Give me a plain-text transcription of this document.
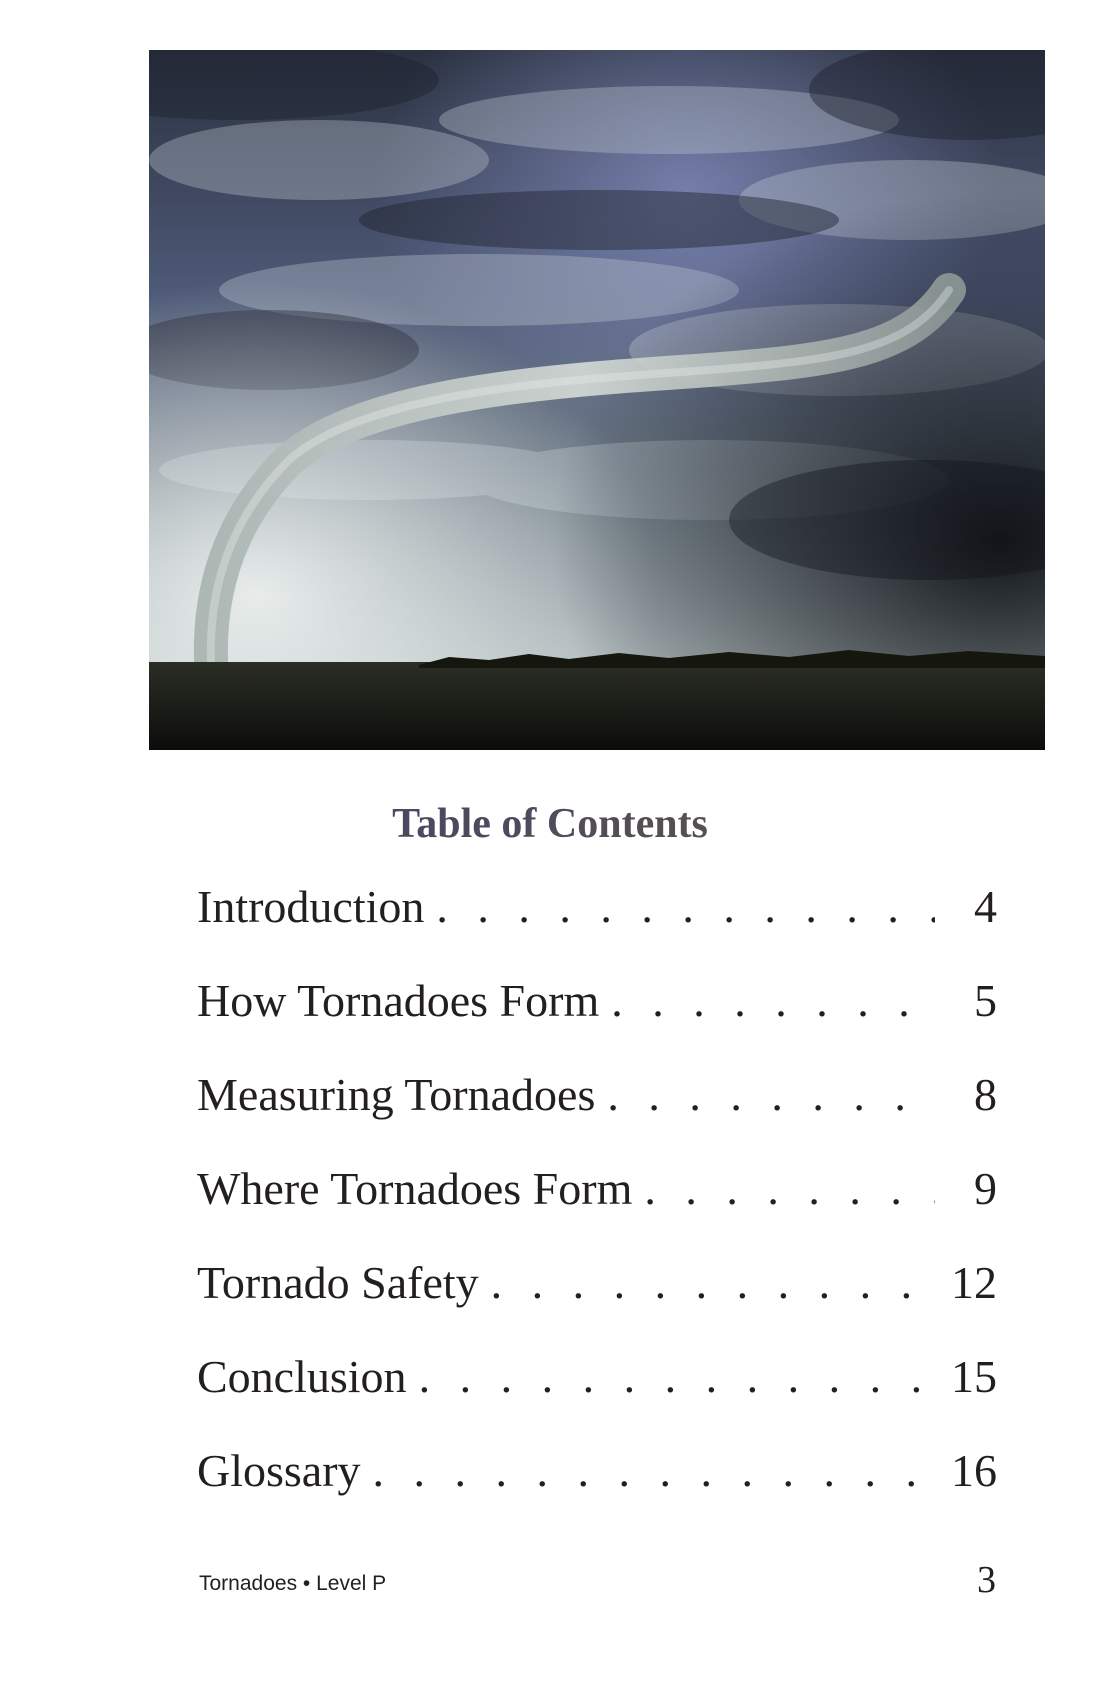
Table of Contents
Introduction . . .	4
How Tornadoes Form . . .	5
Measuring Tornadoes . . .	8
Where Tornadoes Form . . .	9
Tornado Safety . . .	12
Conclusion . . .	15
Glossary . . .	16
Tornadoes • Level P	3
